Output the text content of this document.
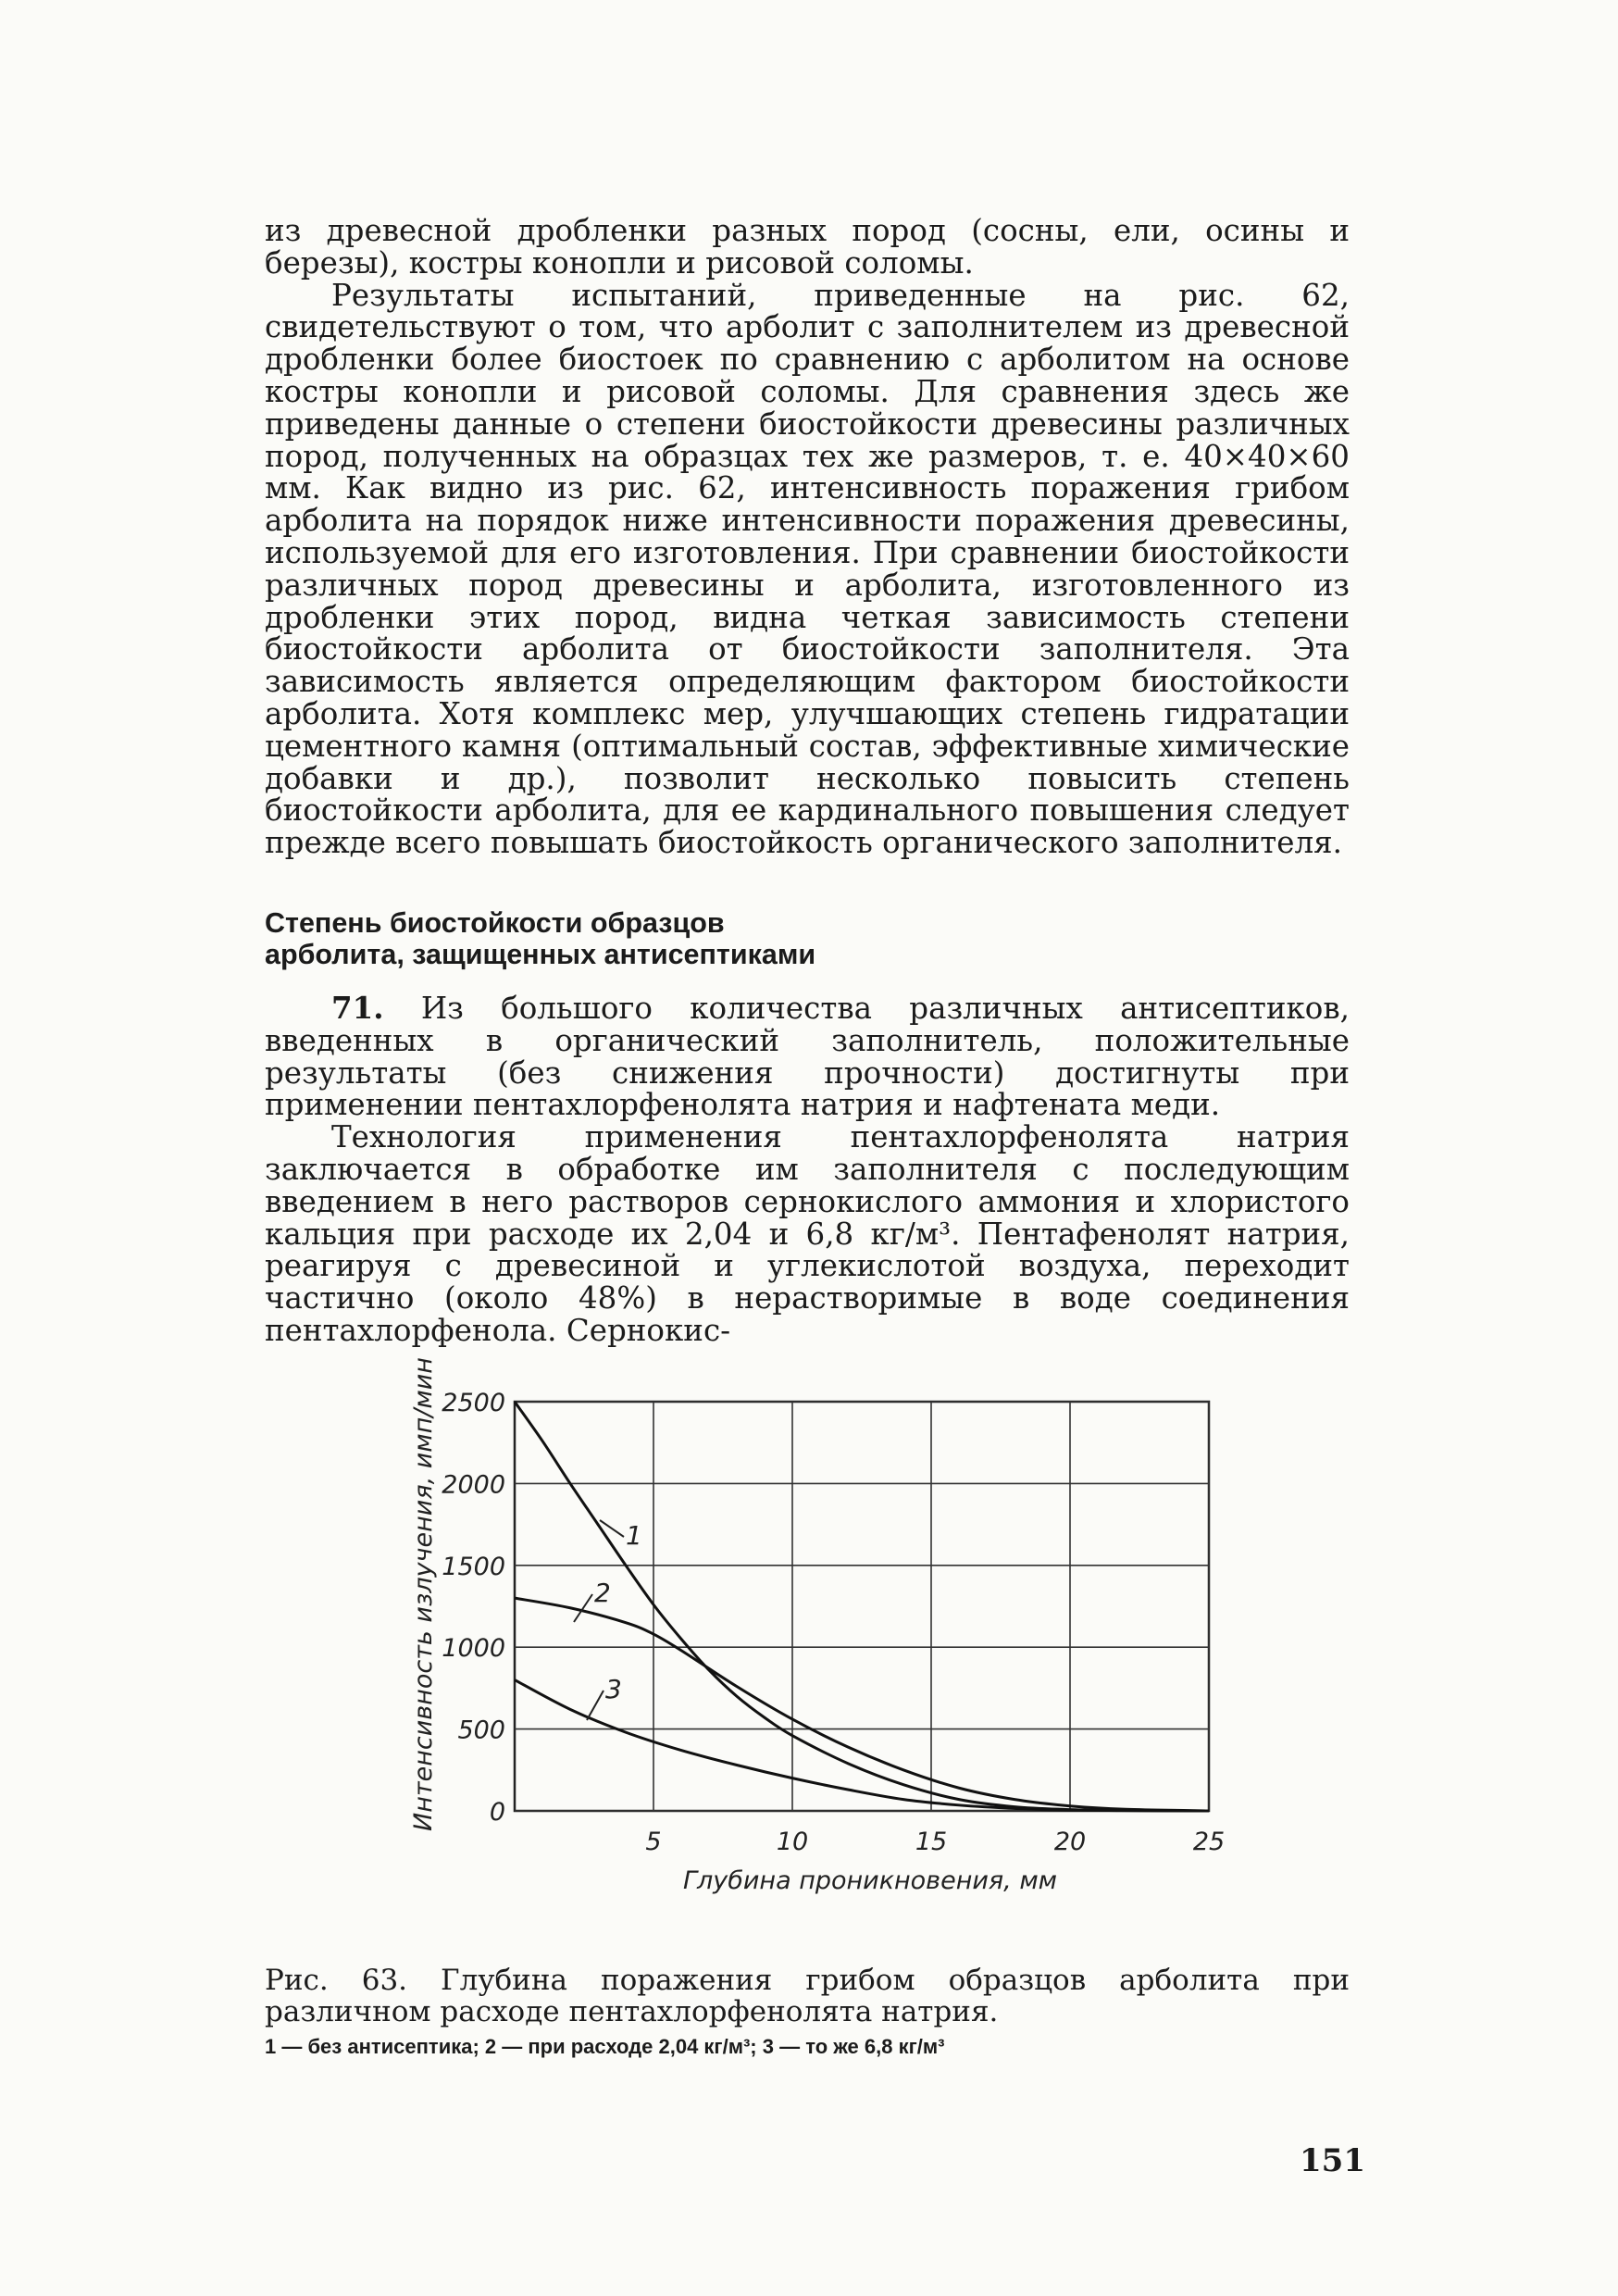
из древесной дробленки разных пород (сосны, ели, осины и березы), костры конопли и рисовой соломы.

Результаты испытаний, приведенные на рис. 62, свидетельствуют о том, что арболит с заполнителем из древесной дробленки более биостоек по сравнению с арболитом на основе костры конопли и рисовой соломы. Для сравнения здесь же приведены данные о степени биостойкости древесины различных пород, полученных на образцах тех же размеров, т. е. 40×40×60 мм. Как видно из рис. 62, интенсивность поражения грибом арболита на порядок ниже интенсивности поражения древесины, используемой для его изготовления. При сравнении биостойкости различных пород древесины и арболита, изготовленного из дробленки этих пород, видна четкая зависимость степени биостойкости арболита от биостойкости заполнителя. Эта зависимость является определяющим фактором биостойкости арболита. Хотя комплекс мер, улучшающих степень гидратации цементного камня (оптимальный состав, эффективные химические добавки и др.), позволит несколько повысить степень биостойкости арболита, для ее кардинального повышения следует прежде всего повышать биостойкость органического заполнителя.

Степень биостойкости образцов
арболита, защищенных антисептиками

71. Из большого количества различных антисептиков, введенных в органический заполнитель, положительные результаты (без снижения прочности) достигнуты при применении пентахлорфенолята натрия и нафтената меди.

Технология применения пентахлорфенолята натрия заключается в обработке им заполнителя с последующим введением в него растворов сернокислого аммония и хлористого кальция при расходе их 2,04 и 6,8 кг/м³. Пентафенолят натрия, реагируя с древесиной и углекислотой воздуха, переходит частично (около 48%) в нерастворимые в воде соединения пентахлорфенола. Сернокис-

5	10	15	20	25
0
500
1000
1500
2000
2500
Интенсивность излучения, имп/мин
Глубина проникновения, мм
1
2
3

Рис. 63. Глубина поражения грибом образцов арболита при различном расходе пентахлорфенолята натрия.

1 — без антисептика; 2 — при расходе 2,04 кг/м³; 3 — то же 6,8 кг/м³

151
